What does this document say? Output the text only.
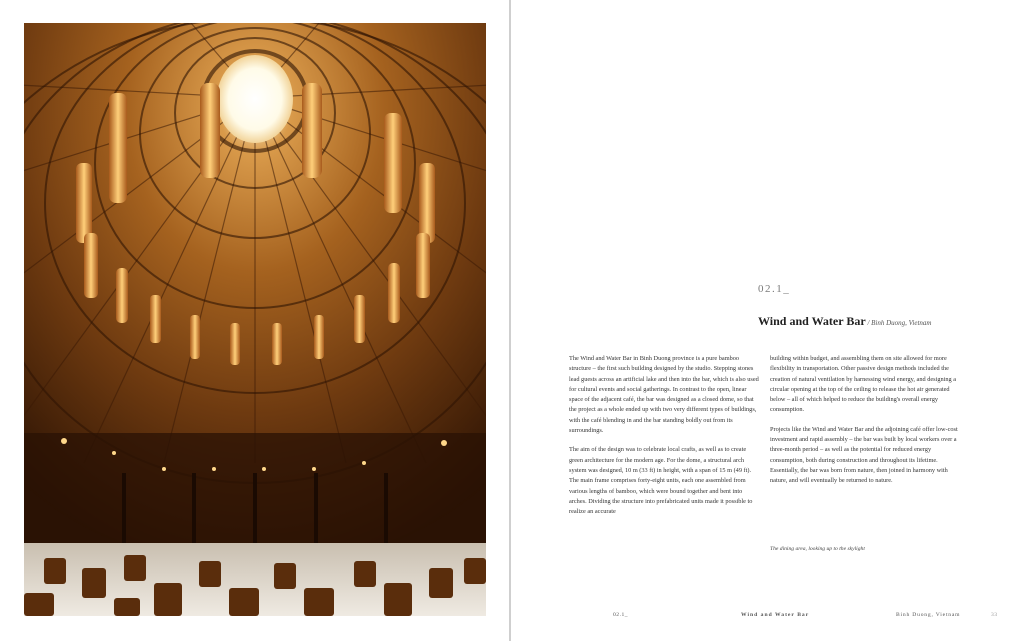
02.1_
Wind and Water Bar / Binh Duong, Vietnam

The Wind and Water Bar in Binh Duong province is a pure bamboo structure – the first such building designed by the studio. Stepping stones lead guests across an artificial lake and then into the bar, which is also used for cultural events and social gatherings. In contrast to the open, linear space of the adjacent café, the bar was designed as a closed dome, so that the project as a whole ended up with two very different types of buildings, with the café blending in and the bar standing boldly out from its surroundings.

The aim of the design was to celebrate local crafts, as well as to create green architecture for the modern age. For the dome, a structural arch system was designed, 10 m (33 ft) in height, with a span of 15 m (49 ft). The main frame comprises forty-eight units, each one assembled from various lengths of bamboo, which were bound together and bent into arches. Dividing the structure into prefabricated units made it possible to realize an accurate

building within budget, and assembling them on site allowed for more flexibility in transportation. Other passive design methods included the creation of natural ventilation by harnessing wind energy, and designing a circular opening at the top of the ceiling to release the hot air generated below – all of which helped to reduce the building's overall energy consumption.

Projects like the Wind and Water Bar and the adjoining café offer low-cost investment and rapid assembly – the bar was built by local workers over a three-month period – as well as the potential for reduced energy consumption, both during construction and throughout its lifetime. Essentially, the bar was born from nature, then joined in harmony with nature, and will eventually be returned to nature.

The dining area, looking up to the skylight
02.1_	Wind and Water Bar	Binh Duong, Vietnam	33
